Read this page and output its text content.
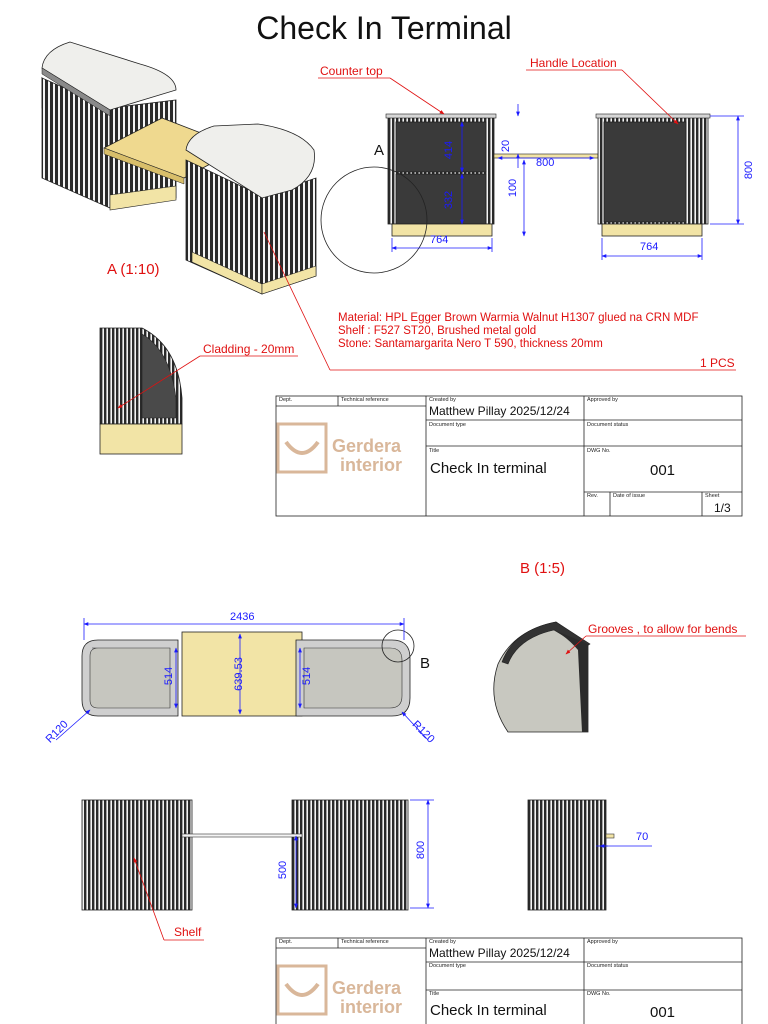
Check In Terminal
A (1:10)
B (1:5)
A
B
Counter top
Handle Location
Cladding - 20mm
Grooves , to allow for bends
Shelf
1 PCS
Material: HPL Egger Brown Warmia Walnut H1307 glued na CRN MDF
Shelf : F527 ST20, Brushed metal gold
Stone: Santamargarita Nero T 590, thickness 20mm
414
332
20
800
100
800
764
764
2436
514	639.53	514
R120	R120
500
800
70
Dept.	Technical reference	Created by
Matthew Pillay 2025/12/24
Approved by
Document type	Document status
Title
Check In terminal
DWG No.
001
Rev.	Date of issue	Sheet
1/3
Gerdera
interior
Dept.	Technical reference	Created by
Matthew Pillay 2025/12/24
Approved by
Document type	Document status
Title
Check In terminal
DWG No.
001
Gerdera
interior
